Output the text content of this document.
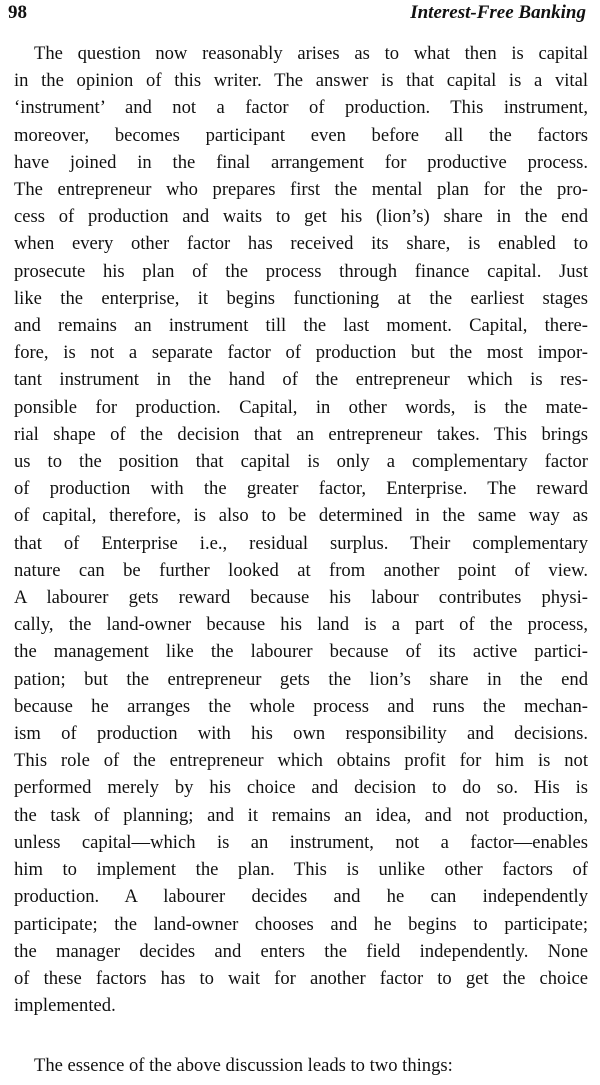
98	Interest-Free Banking
The question now reasonably arises as to what then is capital
in the opinion of this writer. The answer is that capital is a vital
‘instrument’ and not a factor of production. This instrument,
moreover, becomes participant even before all the factors
have joined in the final arrangement for productive process.
The entrepreneur who prepares first the mental plan for the pro-
cess of production and waits to get his (lion’s) share in the end
when every other factor has received its share, is enabled to
prosecute his plan of the process through finance capital. Just
like the enterprise, it begins functioning at the earliest stages
and remains an instrument till the last moment. Capital, there-
fore, is not a separate factor of production but the most impor-
tant instrument in the hand of the entrepreneur which is res-
ponsible for production. Capital, in other words, is the mate-
rial shape of the decision that an entrepreneur takes. This brings
us to the position that capital is only a complementary factor
of production with the greater factor, Enterprise. The reward
of capital, therefore, is also to be determined in the same way as
that of Enterprise i.e., residual surplus. Their complementary
nature can be further looked at from another point of view.
A labourer gets reward because his labour contributes physi-
cally, the land-owner because his land is a part of the process,
the management like the labourer because of its active partici-
pation; but the entrepreneur gets the lion’s share in the end
because he arranges the whole process and runs the mechan-
ism of production with his own responsibility and decisions.
This role of the entrepreneur which obtains profit for him is not
performed merely by his choice and decision to do so. His is
the task of planning; and it remains an idea, and not production,
unless capital—which is an instrument, not a factor—enables
him to implement the plan. This is unlike other factors of
production. A labourer decides and he can independently
participate; the land-owner chooses and he begins to participate;
the manager decides and enters the field independently. None
of these factors has to wait for another factor to get the choice
implemented.
The essence of the above discussion leads to two things:
